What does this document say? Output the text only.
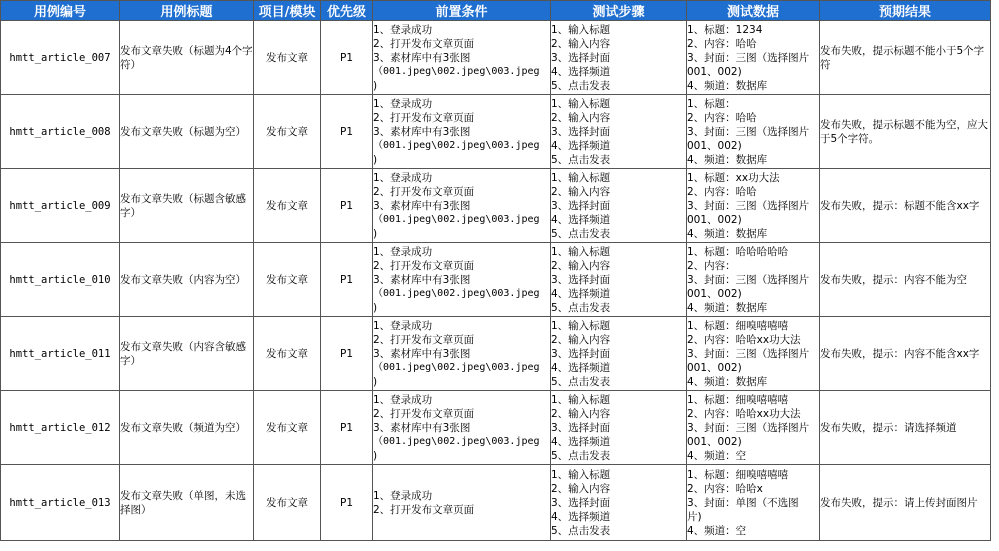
用例编号	用例标题	项目/模块	优先级	前置条件	测试步骤	测试数据	预期结果
hmtt_article_007	发布文章失败（标题为4个字符）	发布文章	P1	1、登录成功
2、打开发布文章页面
3、素材库中有3张图
（001.jpeg\002.jpeg\003.jpeg
)	1、输入标题
2、输入内容
3、选择封面
4、选择频道
5、点击发表	1、标题：1234
2、内容：哈哈
3、封面：三图（选择图片
001、002)
4、频道：数据库	发布失败，提示标题不能小于5个字符

hmtt_article_008	发布文章失败（标题为空）	发布文章	P1	1、登录成功
2、打开发布文章页面
3、素材库中有3张图
（001.jpeg\002.jpeg\003.jpeg
)	1、输入标题
2、输入内容
3、选择封面
4、选择频道
5、点击发表	1、标题：
2、内容：哈哈
3、封面：三图（选择图片
001、002)
4、频道：数据库	发布失败，提示标题不能为空，应大于5个字符。

hmtt_article_009	发布文章失败（标题含敏感字）	发布文章	P1	1、登录成功
2、打开发布文章页面
3、素材库中有3张图
（001.jpeg\002.jpeg\003.jpeg
)	1、输入标题
2、输入内容
3、选择封面
4、选择频道
5、点击发表	1、标题：xx功大法
2、内容：哈哈
3、封面：三图（选择图片
001、002)
4、频道：数据库	发布失败，提示：标题不能含xx字

hmtt_article_010	发布文章失败（内容为空）	发布文章	P1	1、登录成功
2、打开发布文章页面
3、素材库中有3张图
（001.jpeg\002.jpeg\003.jpeg
)	1、输入标题
2、输入内容
3、选择封面
4、选择频道
5、点击发表	1、标题：哈哈哈哈哈
2、内容：
3、封面：三图（选择图片
001、002)
4、频道：数据库	发布失败，提示：内容不能为空

hmtt_article_011	发布文章失败（内容含敏感字）	发布文章	P1	1、登录成功
2、打开发布文章页面
3、素材库中有3张图
（001.jpeg\002.jpeg\003.jpeg
)	1、输入标题
2、输入内容
3、选择封面
4、选择频道
5、点击发表	1、标题：细嗅嘻嘻嘻
2、内容：哈哈xx功大法
3、封面：三图（选择图片
001、002)
4、频道：数据库	发布失败，提示：内容不能含xx字

hmtt_article_012	发布文章失败（频道为空）	发布文章	P1	1、登录成功
2、打开发布文章页面
3、素材库中有3张图
（001.jpeg\002.jpeg\003.jpeg
)	1、输入标题
2、输入内容
3、选择封面
4、选择频道
5、点击发表	1、标题：细嗅嘻嘻嘻
2、内容：哈哈xx功大法
3、封面：三图（选择图片
001、002)
4、频道：空	发布失败，提示：请选择频道

hmtt_article_013	发布文章失败（单图，未选择图）	发布文章	P1	1、登录成功
2、打开发布文章页面	1、输入标题
2、输入内容
3、选择封面
4、选择频道
5、点击发表	1、标题：细嗅嘻嘻嘻
2、内容：哈哈x
3、封面：单图（不选图
片)
4、频道：空	发布失败，提示：请上传封面图片
